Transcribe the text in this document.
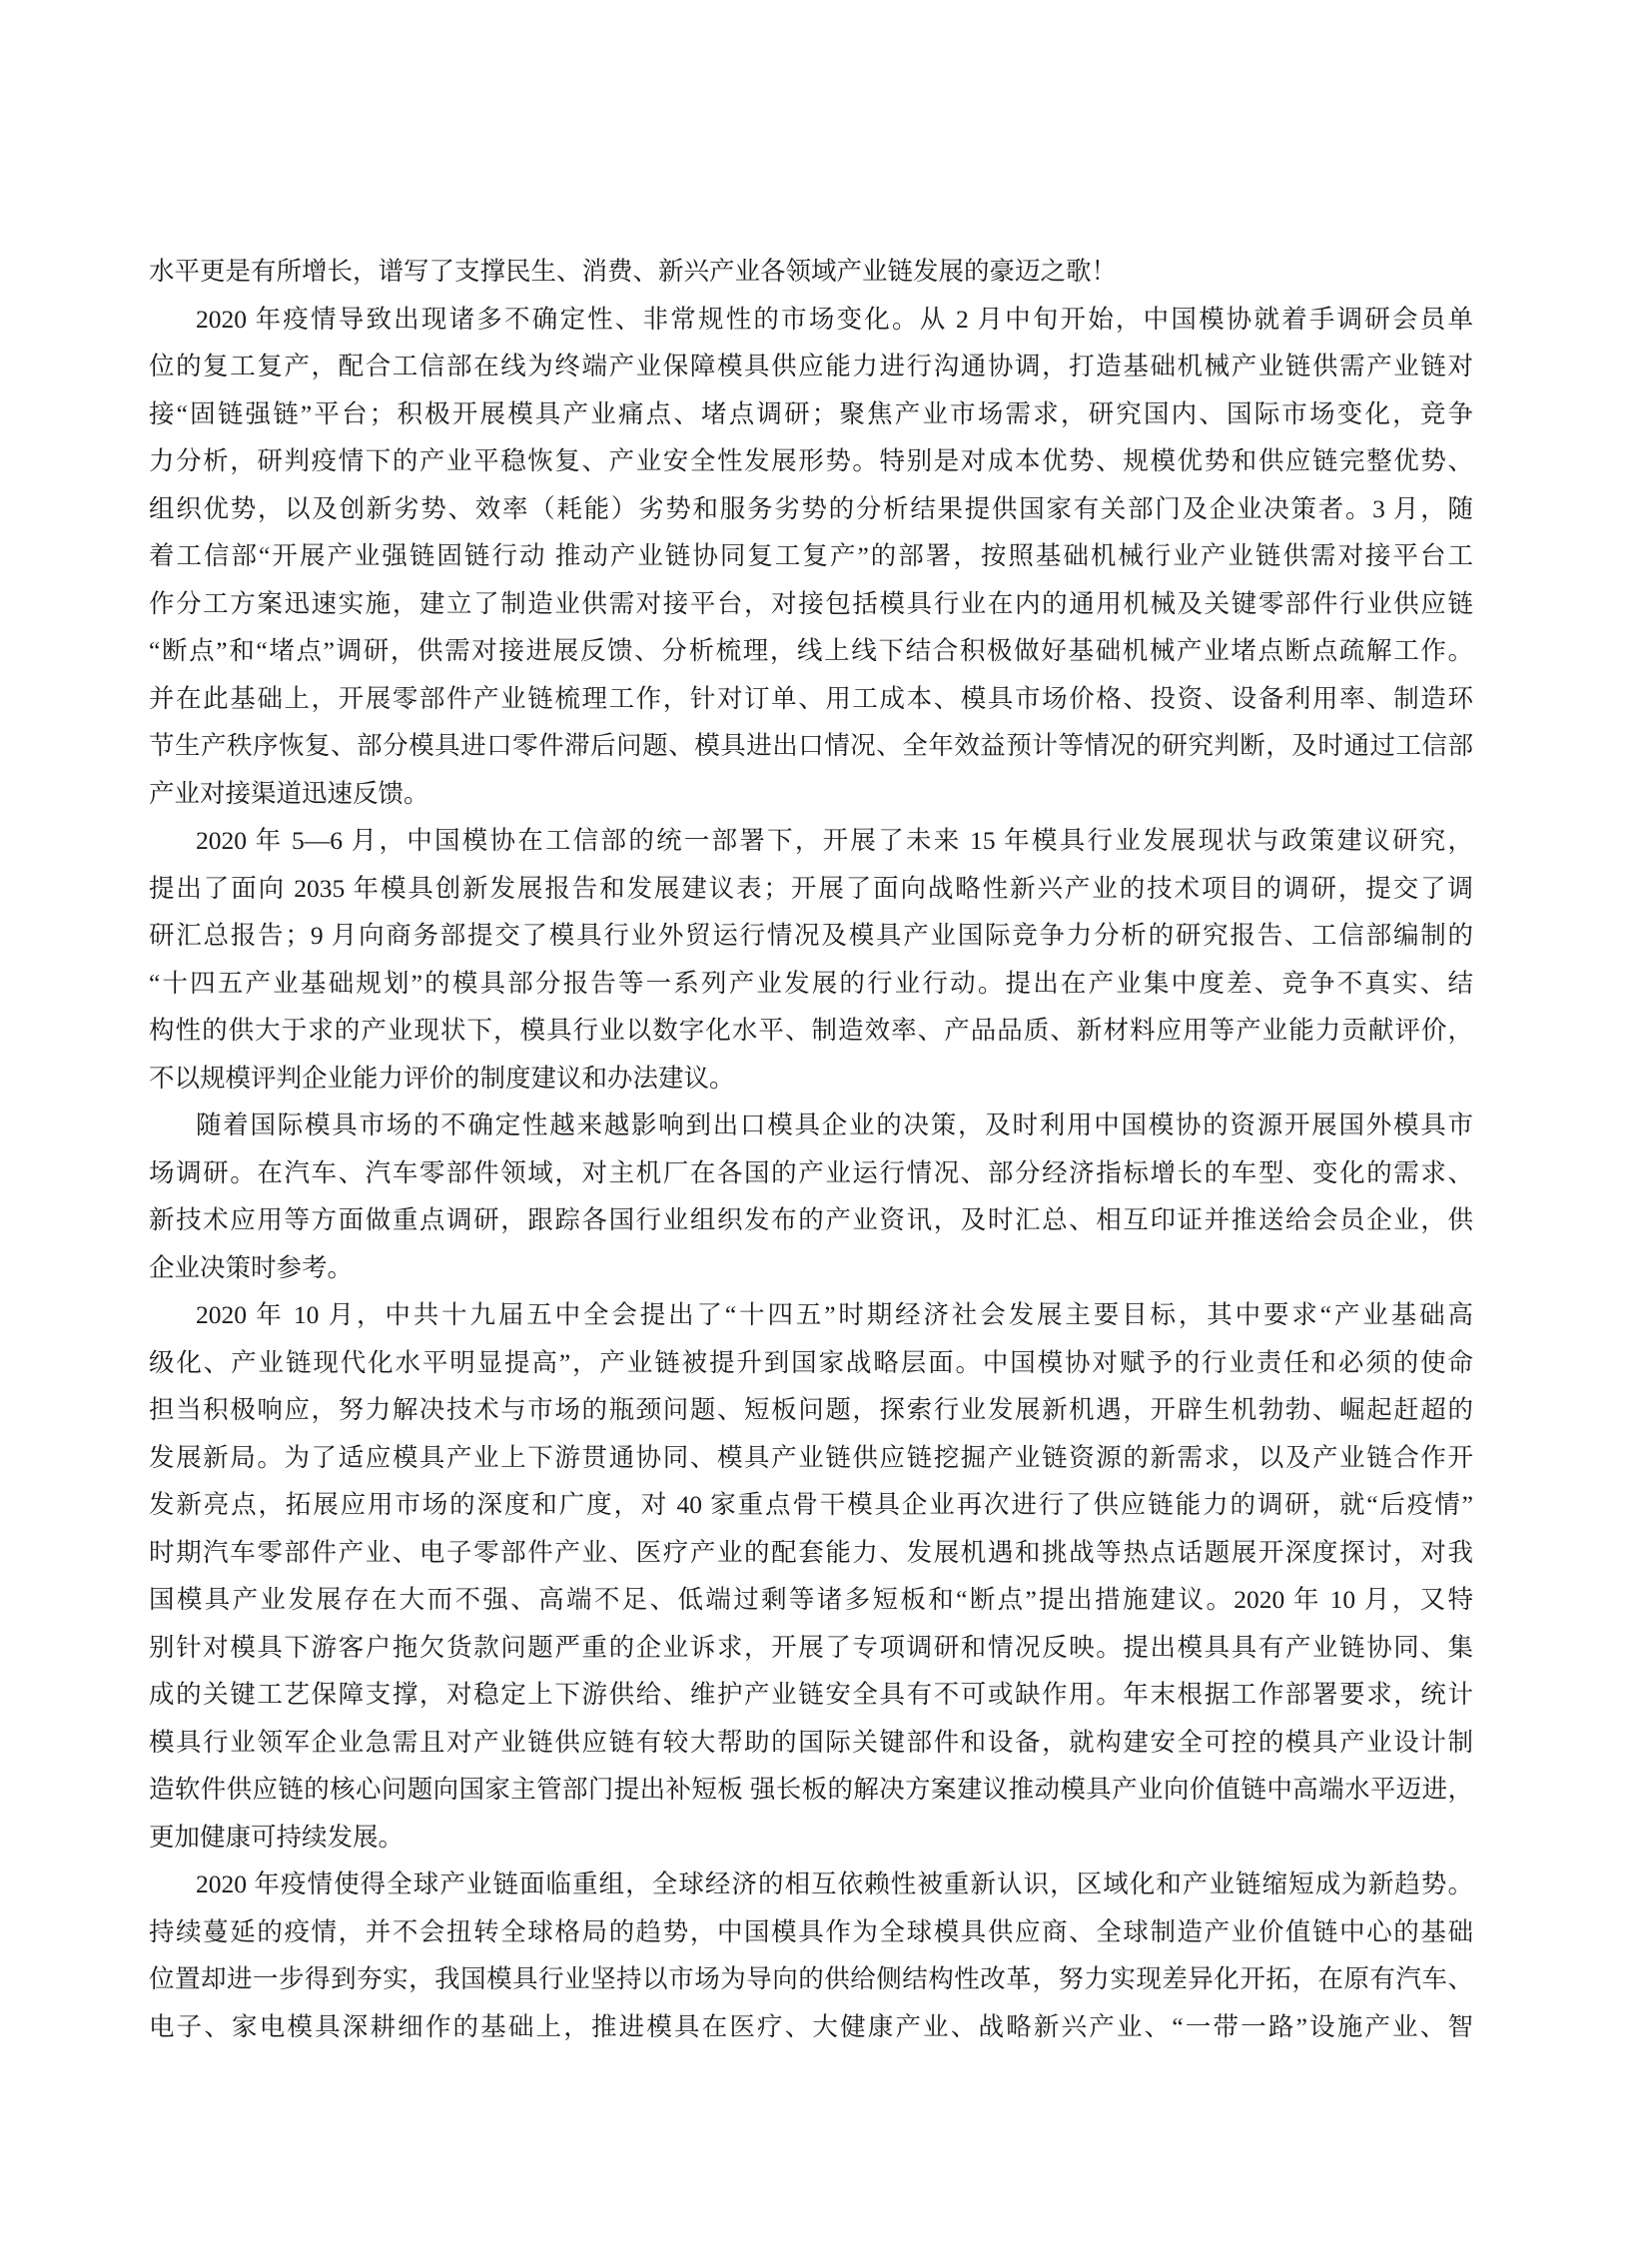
水平更是有所增长，谱写了支撑民生、消费、新兴产业各领域产业链发展的豪迈之歌！
2020 年疫情导致出现诸多不确定性、非常规性的市场变化。从 2 月中旬开始，中国模协就着手调研会员单
位的复工复产，配合工信部在线为终端产业保障模具供应能力进行沟通协调，打造基础机械产业链供需产业链对
接“固链强链”平台；积极开展模具产业痛点、堵点调研；聚焦产业市场需求，研究国内、国际市场变化，竞争
力分析，研判疫情下的产业平稳恢复、产业安全性发展形势。特别是对成本优势、规模优势和供应链完整优势、
组织优势，以及创新劣势、效率（耗能）劣势和服务劣势的分析结果提供国家有关部门及企业决策者。3 月，随
着工信部“开展产业强链固链行动 推动产业链协同复工复产”的部署，按照基础机械行业产业链供需对接平台工
作分工方案迅速实施，建立了制造业供需对接平台，对接包括模具行业在内的通用机械及关键零部件行业供应链
“断点”和“堵点”调研，供需对接进展反馈、分析梳理，线上线下结合积极做好基础机械产业堵点断点疏解工作。
并在此基础上，开展零部件产业链梳理工作，针对订单、用工成本、模具市场价格、投资、设备利用率、制造环
节生产秩序恢复、部分模具进口零件滞后问题、模具进出口情况、全年效益预计等情况的研究判断，及时通过工信部
产业对接渠道迅速反馈。
2020 年 5—6 月，中国模协在工信部的统一部署下，开展了未来 15 年模具行业发展现状与政策建议研究，
提出了面向 2035 年模具创新发展报告和发展建议表；开展了面向战略性新兴产业的技术项目的调研，提交了调
研汇总报告；9 月向商务部提交了模具行业外贸运行情况及模具产业国际竞争力分析的研究报告、工信部编制的
“十四五产业基础规划”的模具部分报告等一系列产业发展的行业行动。提出在产业集中度差、竞争不真实、结
构性的供大于求的产业现状下，模具行业以数字化水平、制造效率、产品品质、新材料应用等产业能力贡献评价，
不以规模评判企业能力评价的制度建议和办法建议。
随着国际模具市场的不确定性越来越影响到出口模具企业的决策，及时利用中国模协的资源开展国外模具市
场调研。在汽车、汽车零部件领域，对主机厂在各国的产业运行情况、部分经济指标增长的车型、变化的需求、
新技术应用等方面做重点调研，跟踪各国行业组织发布的产业资讯，及时汇总、相互印证并推送给会员企业，供
企业决策时参考。
2020 年 10 月，中共十九届五中全会提出了“十四五”时期经济社会发展主要目标，其中要求“产业基础高
级化、产业链现代化水平明显提高”，产业链被提升到国家战略层面。中国模协对赋予的行业责任和必须的使命
担当积极响应，努力解决技术与市场的瓶颈问题、短板问题，探索行业发展新机遇，开辟生机勃勃、崛起赶超的
发展新局。为了适应模具产业上下游贯通协同、模具产业链供应链挖掘产业链资源的新需求，以及产业链合作开
发新亮点，拓展应用市场的深度和广度，对 40 家重点骨干模具企业再次进行了供应链能力的调研，就“后疫情”
时期汽车零部件产业、电子零部件产业、医疗产业的配套能力、发展机遇和挑战等热点话题展开深度探讨，对我
国模具产业发展存在大而不强、高端不足、低端过剩等诸多短板和“断点”提出措施建议。2020 年 10 月，又特
别针对模具下游客户拖欠货款问题严重的企业诉求，开展了专项调研和情况反映。提出模具具有产业链协同、集
成的关键工艺保障支撑，对稳定上下游供给、维护产业链安全具有不可或缺作用。年末根据工作部署要求，统计
模具行业领军企业急需且对产业链供应链有较大帮助的国际关键部件和设备，就构建安全可控的模具产业设计制
造软件供应链的核心问题向国家主管部门提出补短板 强长板的解决方案建议推动模具产业向价值链中高端水平迈进，
更加健康可持续发展。
2020 年疫情使得全球产业链面临重组，全球经济的相互依赖性被重新认识，区域化和产业链缩短成为新趋势。
持续蔓延的疫情，并不会扭转全球格局的趋势，中国模具作为全球模具供应商、全球制造产业价值链中心的基础
位置却进一步得到夯实，我国模具行业坚持以市场为导向的供给侧结构性改革，努力实现差异化开拓，在原有汽车、
电子、家电模具深耕细作的基础上，推进模具在医疗、大健康产业、战略新兴产业、“一带一路”设施产业、智
